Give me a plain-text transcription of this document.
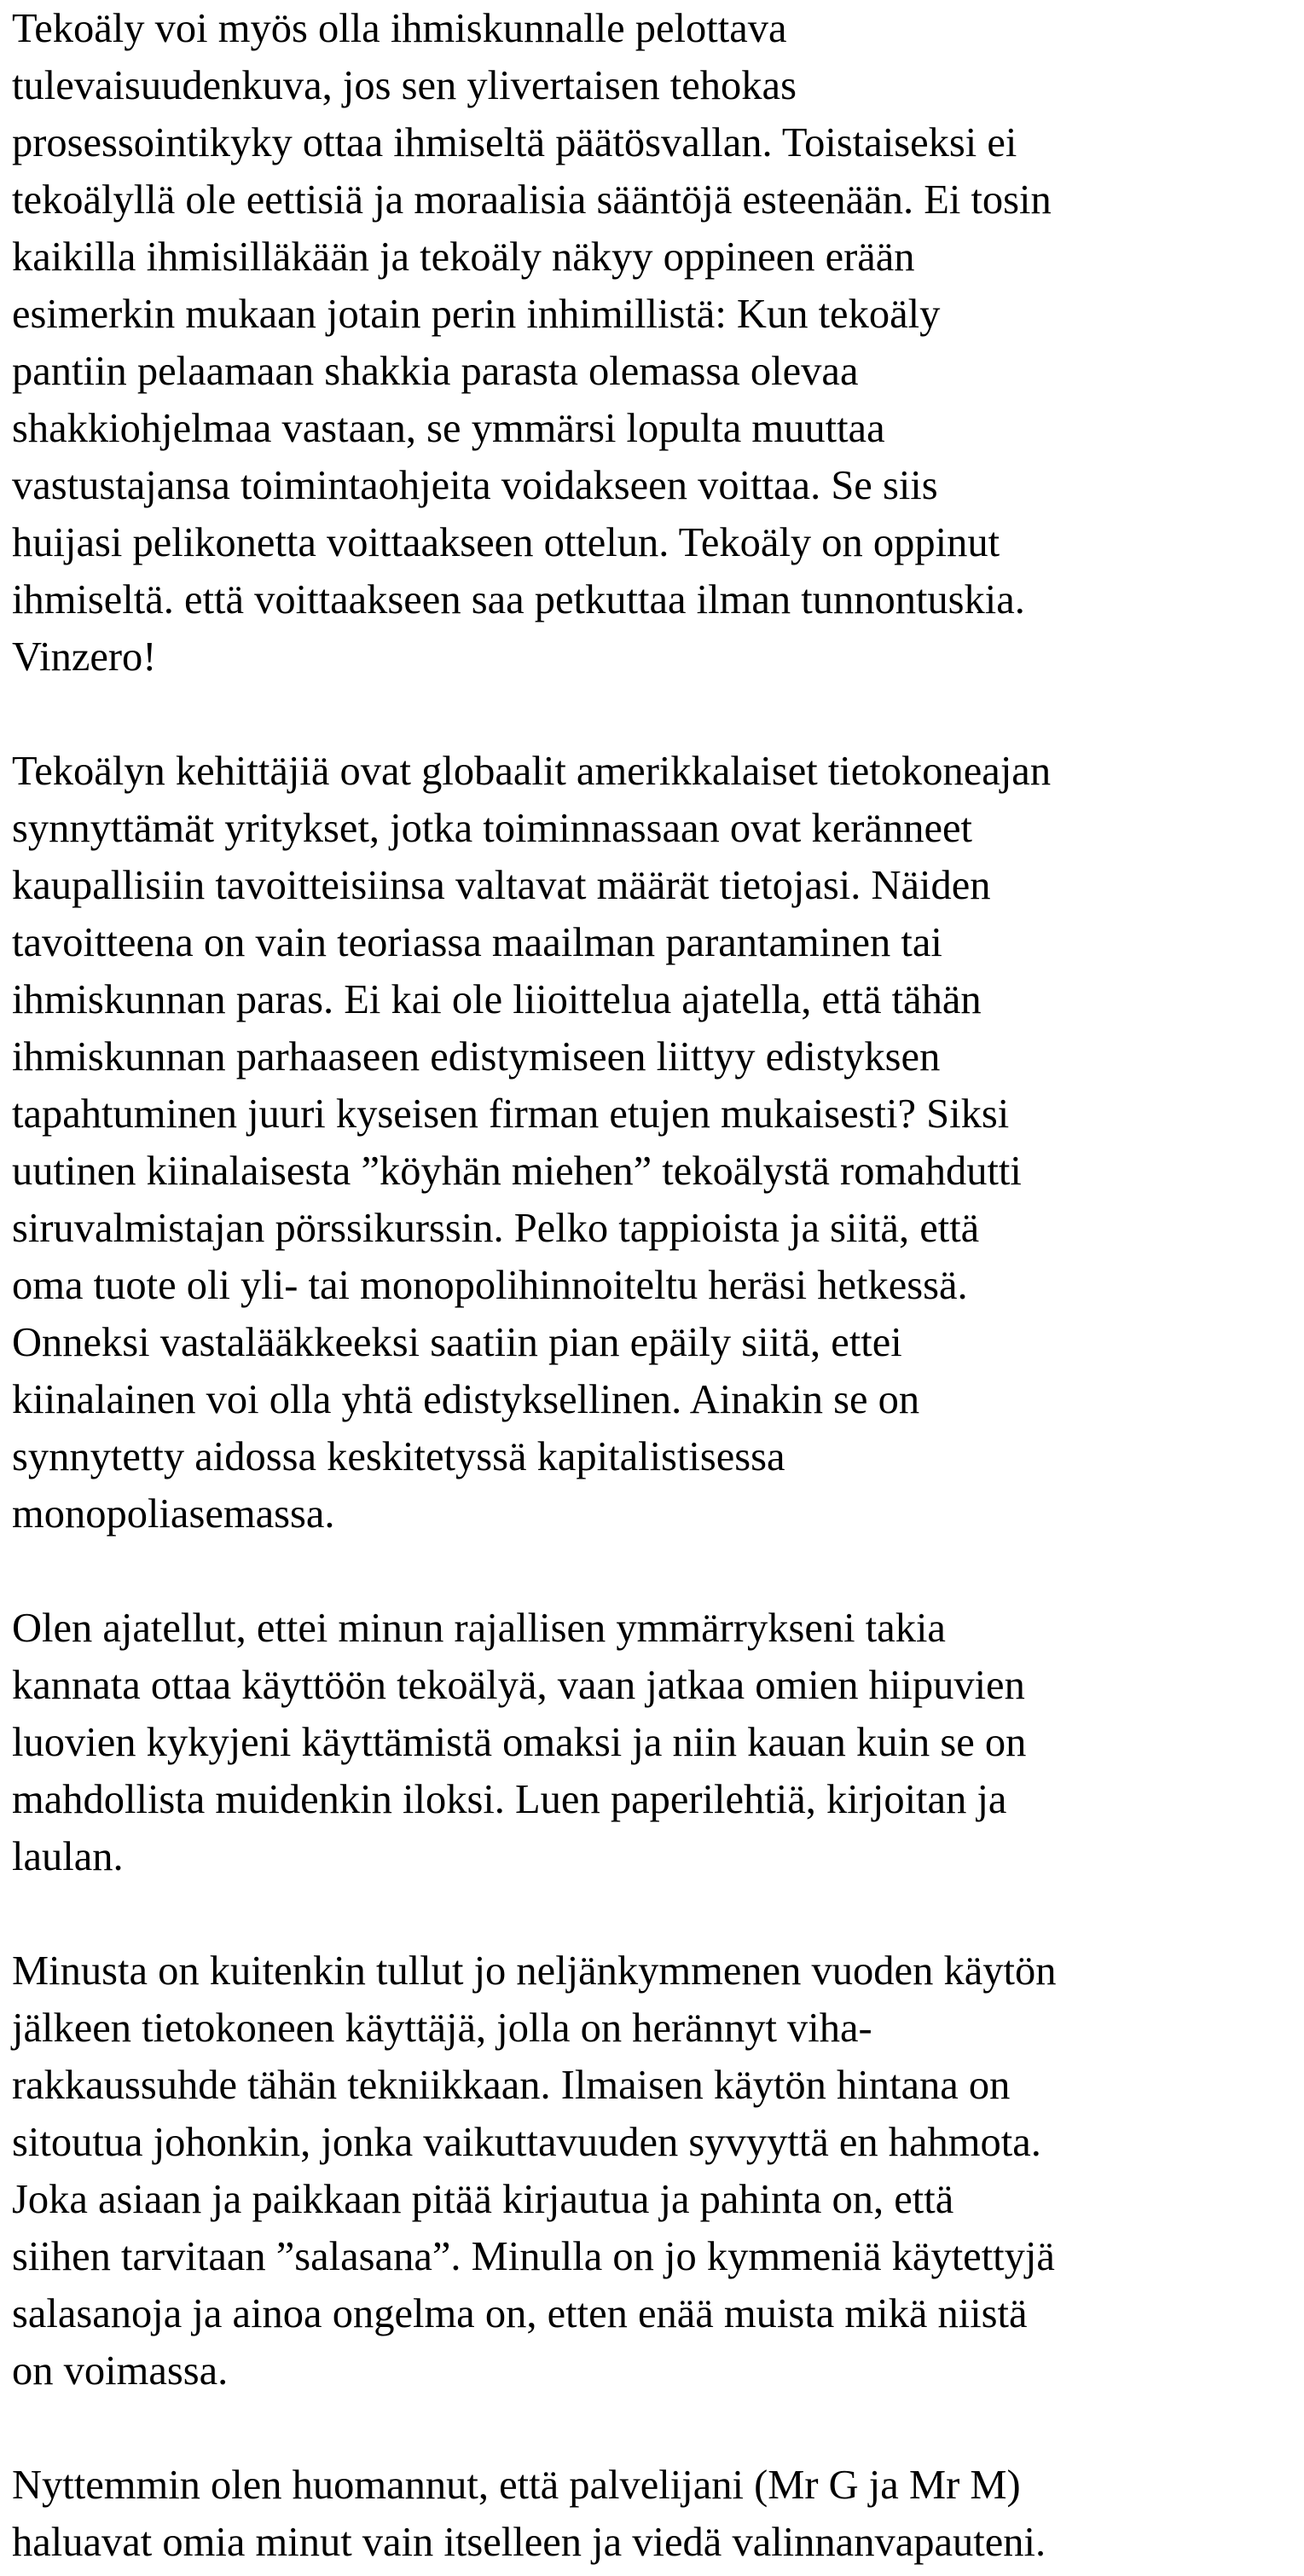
Tekoäly voi myös olla ihmiskunnalle pelottava
tulevaisuudenkuva, jos sen ylivertaisen tehokas
prosessointikyky ottaa ihmiseltä päätösvallan. Toistaiseksi ei
tekoälyllä ole eettisiä ja moraalisia sääntöjä esteenään. Ei tosin
kaikilla ihmisilläkään ja tekoäly näkyy oppineen erään
esimerkin mukaan jotain perin inhimillistä: Kun tekoäly
pantiin pelaamaan shakkia parasta olemassa olevaa
shakkiohjelmaa vastaan, se ymmärsi lopulta muuttaa
vastustajansa toimintaohjeita voidakseen voittaa. Se siis
huijasi pelikonetta voittaakseen ottelun. Tekoäly on oppinut
ihmiseltä. että voittaakseen saa petkuttaa ilman tunnontuskia.
Vinzero!
Tekoälyn kehittäjiä ovat globaalit amerikkalaiset tietokoneajan
synnyttämät yritykset, jotka toiminnassaan ovat keränneet
kaupallisiin tavoitteisiinsa valtavat määrät tietojasi. Näiden
tavoitteena on vain teoriassa maailman parantaminen tai
ihmiskunnan paras. Ei kai ole liioittelua ajatella, että tähän
ihmiskunnan parhaaseen edistymiseen liittyy edistyksen
tapahtuminen juuri kyseisen firman etujen mukaisesti? Siksi
uutinen kiinalaisesta ”köyhän miehen” tekoälystä romahdutti
siruvalmistajan pörssikurssin. Pelko tappioista ja siitä, että
oma tuote oli yli- tai monopolihinnoiteltu heräsi hetkessä.
Onneksi vastalääkkeeksi saatiin pian epäily siitä, ettei
kiinalainen voi olla yhtä edistyksellinen. Ainakin se on
synnytetty aidossa keskitetyssä kapitalistisessa
monopoliasemassa.
Olen ajatellut, ettei minun rajallisen ymmärrykseni takia
kannata ottaa käyttöön tekoälyä, vaan jatkaa omien hiipuvien
luovien kykyjeni käyttämistä omaksi ja niin kauan kuin se on
mahdollista muidenkin iloksi. Luen paperilehtiä, kirjoitan ja
laulan.
Minusta on kuitenkin tullut jo neljänkymmenen vuoden käytön
jälkeen tietokoneen käyttäjä, jolla on herännyt viha-
rakkaussuhde tähän tekniikkaan. Ilmaisen käytön hintana on
sitoutua johonkin, jonka vaikuttavuuden syvyyttä en hahmota.
Joka asiaan ja paikkaan pitää kirjautua ja pahinta on, että
siihen tarvitaan ”salasana”. Minulla on jo kymmeniä käytettyjä
salasanoja ja ainoa ongelma on, etten enää muista mikä niistä
on voimassa.
Nyttemmin olen huomannut, että palvelijani (Mr G ja Mr M)
haluavat omia minut vain itselleen ja viedä valinnanvapauteni.
